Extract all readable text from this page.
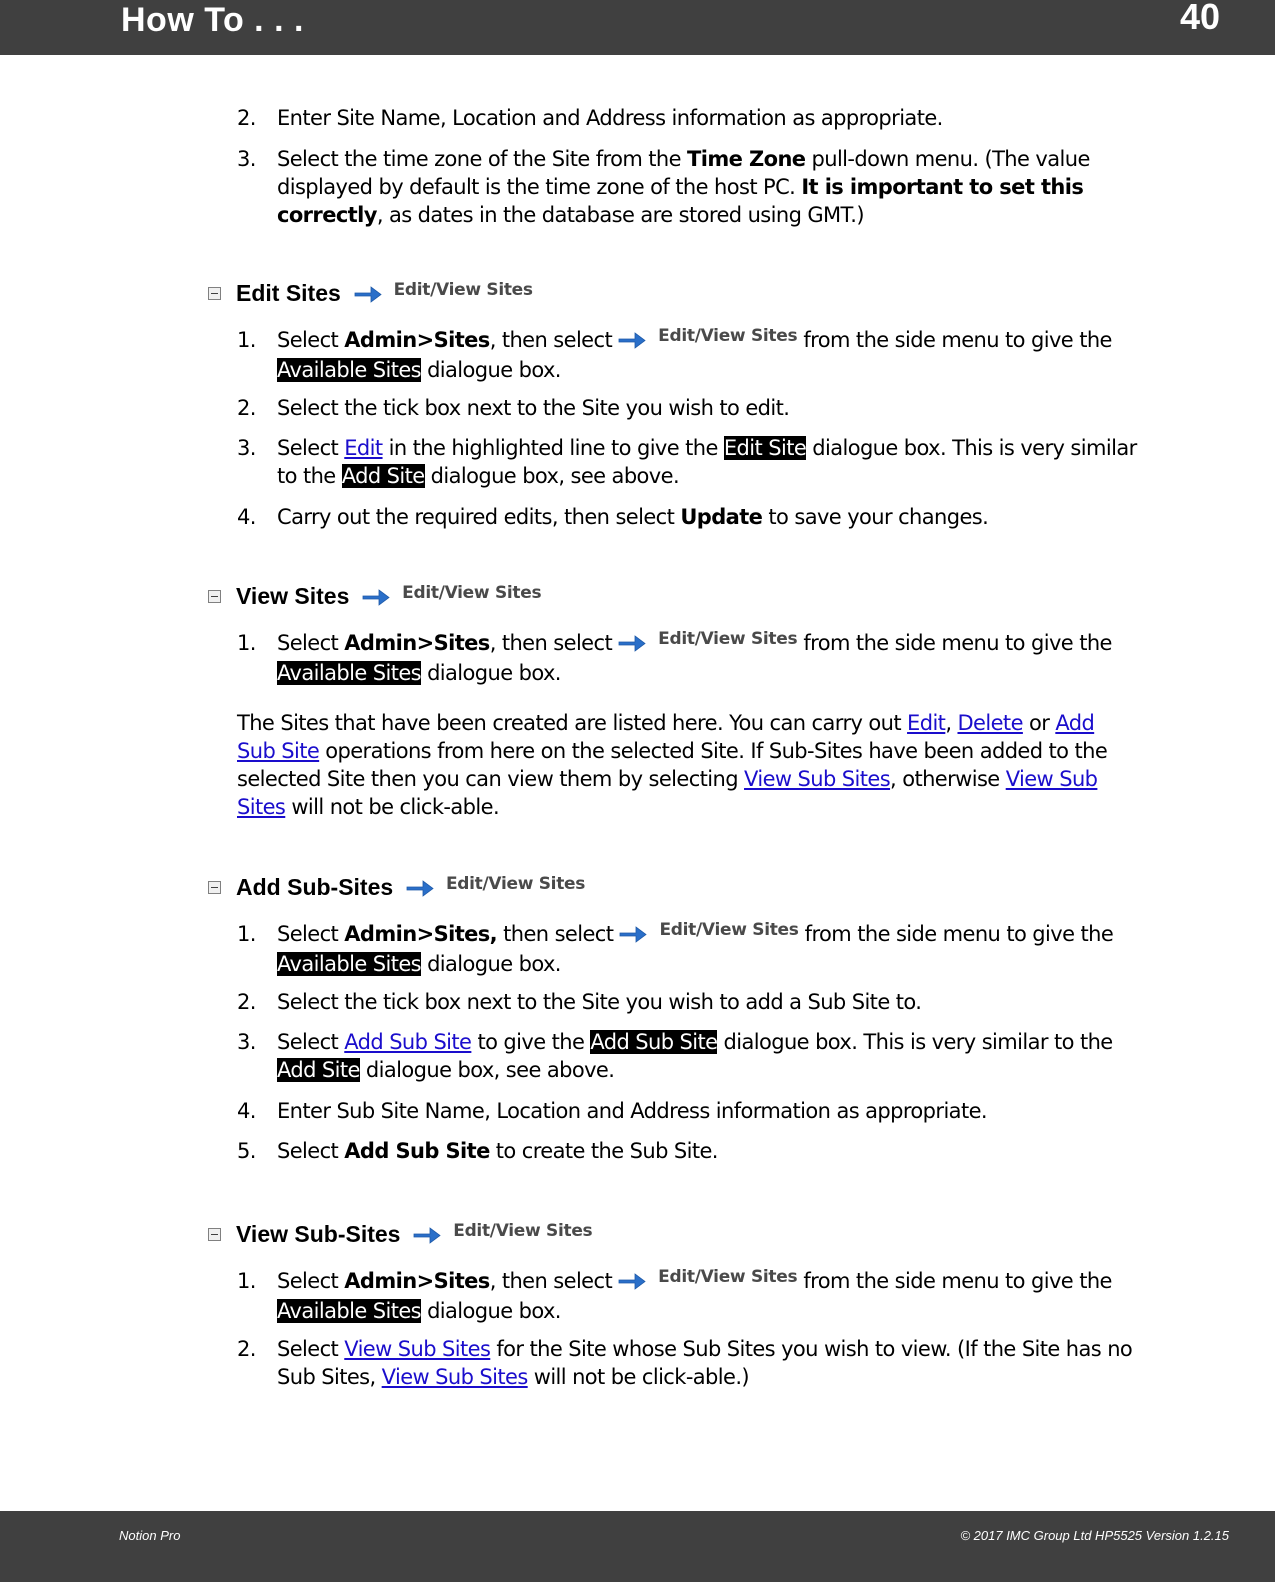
How To . . .	40
2. Enter Site Name, Location and Address information as appropriate.
3. Select the time zone of the Site from the Time Zone pull-down menu. (The value displayed by default is the time zone of the host PC. It is important to set this correctly, as dates in the database are stored using GMT.)
Edit Sites	$^{Edit/View Sites}$
1. Select Admin>Sites, then select	$^{Edit/View Sites}$ from the side menu to give the Available Sites dialogue box.
2. Select the tick box next to the Site you wish to edit.
3. Select Edit in the highlighted line to give the Edit Site dialogue box. This is very similar to the Add Site dialogue box, see above.
4. Carry out the required edits, then select Update to save your changes.
View Sites	$^{Edit/View Sites}$
1. Select Admin>Sites, then select	$^{Edit/View Sites}$ from the side menu to give the Available Sites dialogue box.
The Sites that have been created are listed here. You can carry out Edit, Delete or Add Sub Site operations from here on the selected Site. If Sub-Sites have been added to the selected Site then you can view them by selecting View Sub Sites, otherwise View Sub Sites will not be click-able.
Add Sub-Sites	$^{Edit/View Sites}$
1. Select Admin>Sites, then select	$^{Edit/View Sites}$ from the side menu to give the Available Sites dialogue box.
2. Select the tick box next to the Site you wish to add a Sub Site to.
3. Select Add Sub Site to give the Add Sub Site dialogue box. This is very similar to the Add Site dialogue box, see above.
4. Enter Sub Site Name, Location and Address information as appropriate.
5. Select Add Sub Site to create the Sub Site.
View Sub-Sites	$^{Edit/View Sites}$
1. Select Admin>Sites, then select	$^{Edit/View Sites}$ from the side menu to give the Available Sites dialogue box.
2. Select View Sub Sites for the Site whose Sub Sites you wish to view. (If the Site has no Sub Sites, View Sub Sites will not be click-able.)
Notion Pro	© 2017 IMC Group Ltd HP5525 Version 1.2.15
